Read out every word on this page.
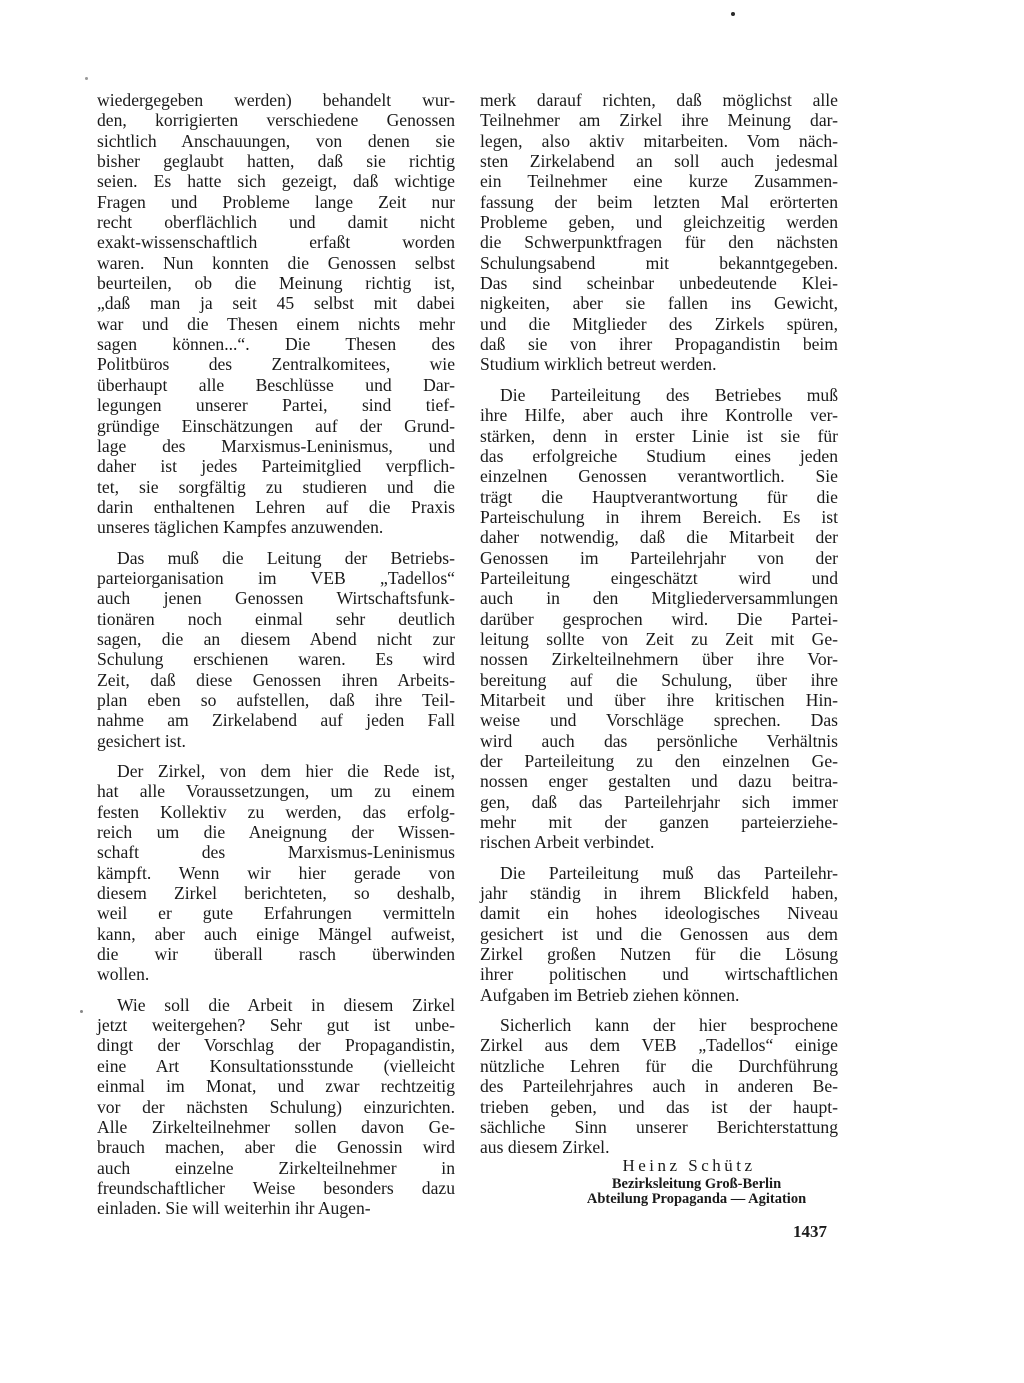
wiedergegeben werden) behandelt wur-
den, korrigierten verschiedene Genossen
sichtlich Anschauungen, von denen sie
bisher geglaubt hatten, daß sie richtig
seien. Es hatte sich gezeigt, daß wichtige
Fragen und Probleme lange Zeit nur
recht oberflächlich und damit nicht
exakt-wissenschaftlich erfaßt worden
waren. Nun konnten die Genossen selbst
beurteilen, ob die Meinung richtig ist,
„daß man ja seit 45 selbst mit dabei
war und die Thesen einem nichts mehr
sagen können...“. Die Thesen des
Politbüros des Zentralkomitees, wie
überhaupt alle Beschlüsse und Dar-
legungen unserer Partei, sind tief-
gründige Einschätzungen auf der Grund-
lage des Marxismus-Leninismus, und
daher ist jedes Parteimitglied verpflich-
tet, sie sorgfältig zu studieren und die
darin enthaltenen Lehren auf die Praxis
unseres täglichen Kampfes anzuwenden.
Das muß die Leitung der Betriebs-
parteiorganisation im VEB „Tadellos“
auch jenen Genossen Wirtschaftsfunk-
tionären noch einmal sehr deutlich
sagen, die an diesem Abend nicht zur
Schulung erschienen waren. Es wird
Zeit, daß diese Genossen ihren Arbeits-
plan eben so aufstellen, daß ihre Teil-
nahme am Zirkelabend auf jeden Fall
gesichert ist.
Der Zirkel, von dem hier die Rede ist,
hat alle Voraussetzungen, um zu einem
festen Kollektiv zu werden, das erfolg-
reich um die Aneignung der Wissen-
schaft des Marxismus-Leninismus
kämpft. Wenn wir hier gerade von
diesem Zirkel berichteten, so deshalb,
weil er gute Erfahrungen vermitteln
kann, aber auch einige Mängel aufweist,
die wir überall rasch überwinden
wollen.
Wie soll die Arbeit in diesem Zirkel
jetzt weitergehen? Sehr gut ist unbe-
dingt der Vorschlag der Propagandistin,
eine Art Konsultationsstunde (vielleicht
einmal im Monat, und zwar rechtzeitig
vor der nächsten Schulung) einzurichten.
Alle Zirkelteilnehmer sollen davon Ge-
brauch machen, aber die Genossin wird
auch einzelne Zirkelteilnehmer in
freundschaftlicher Weise besonders dazu
einladen. Sie will weiterhin ihr Augen-
merk darauf richten, daß möglichst alle
Teilnehmer am Zirkel ihre Meinung dar-
legen, also aktiv mitarbeiten. Vom näch-
sten Zirkelabend an soll auch jedesmal
ein Teilnehmer eine kurze Zusammen-
fassung der beim letzten Mal erörterten
Probleme geben, und gleichzeitig werden
die Schwerpunktfragen für den nächsten
Schulungsabend mit bekanntgegeben.
Das sind scheinbar unbedeutende Klei-
nigkeiten, aber sie fallen ins Gewicht,
und die Mitglieder des Zirkels spüren,
daß sie von ihrer Propagandistin beim
Studium wirklich betreut werden.
Die Parteileitung des Betriebes muß
ihre Hilfe, aber auch ihre Kontrolle ver-
stärken, denn in erster Linie ist sie für
das erfolgreiche Studium eines jeden
einzelnen Genossen verantwortlich. Sie
trägt die Hauptverantwortung für die
Parteischulung in ihrem Bereich. Es ist
daher notwendig, daß die Mitarbeit der
Genossen im Parteilehrjahr von der
Parteileitung eingeschätzt wird und
auch in den Mitgliederversammlungen
darüber gesprochen wird. Die Partei-
leitung sollte von Zeit zu Zeit mit Ge-
nossen Zirkelteilnehmern über ihre Vor-
bereitung auf die Schulung, über ihre
Mitarbeit und über ihre kritischen Hin-
weise und Vorschläge sprechen. Das
wird auch das persönliche Verhältnis
der Parteileitung zu den einzelnen Ge-
nossen enger gestalten und dazu beitra-
gen, daß das Parteilehrjahr sich immer
mehr mit der ganzen parteierziehe-
rischen Arbeit verbindet.
Die Parteileitung muß das Parteilehr-
jahr ständig in ihrem Blickfeld haben,
damit ein hohes ideologisches Niveau
gesichert ist und die Genossen aus dem
Zirkel großen Nutzen für die Lösung
ihrer politischen und wirtschaftlichen
Aufgaben im Betrieb ziehen können.
Sicherlich kann der hier besprochene
Zirkel aus dem VEB „Tadellos“ einige
nützliche Lehren für die Durchführung
des Parteilehrjahres auch in anderen Be-
trieben geben, und das ist der haupt-
sächliche Sinn unserer Berichterstattung
aus diesem Zirkel.
Heinz Schütz
Bezirksleitung Groß-Berlin
Abteilung Propaganda — Agitation
1437
